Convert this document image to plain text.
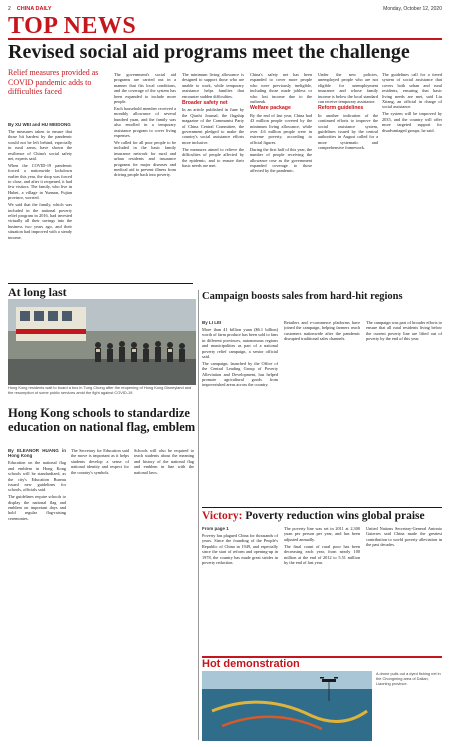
2 CHINA DAILY	Monday, October 12, 2020
TOP NEWS
Revised social aid programs meet the challenge
Relief measures provided as COVID pandemic adds to difficulties faced

By XU WEI and HU MEIDONG

The measures taken to ensure that those hit hardest by the pandemic would not be left behind, especially in rural areas, have shown the resilience of China's social safety net, experts said.

When the COVID-19 pandemic forced a nationwide lockdown earlier this year, the shop was forced to close, and after it reopened, it had few visitors. The family, who live in Hubei, a village in Yunnan, Fujian province, worried.

We said that the family, which was included in the national poverty relief program in 2016, had invested virtually all their savings into the business two years ago, and their situation had improved with a steady income.

The government's social aid programs are carried out in a manner that fits local conditions, and the coverage of the system has been expanded to include more people.

Each household member received a monthly allowance of several hundred yuan, and the family was also enrolled in a temporary assistance program to cover living expenses.

We called for all poor people to be included in the basic family insurance network for rural and urban residents and insurance programs for major diseases and medical aid to prevent illness from driving people back into poverty.

The minimum living allowance is designed to support those who are unable to work, while temporary assistance helps families that encounter sudden difficulties.

Broader safety net

In an article published in June by the Qiushi Journal, the flagship magazine of the Communist Party of China Central Committee, the government pledged to make the country's social assistance efforts more inclusive.

The measures aimed to relieve the difficulties of people affected by the epidemic, and to ensure their basic needs are met.

China's safety net has been expanded to cover more people who were previously ineligible, including those made jobless or who lost income due to the outbreak.

Welfare package

By the end of last year, China had 43 million people covered by the minimum living allowance, while over 4.6 million people were in extreme poverty, according to official figures.

During the first half of this year, the number of people receiving the allowance rose as the government expanded coverage to those affected by the pandemic.

Under the new policies, unemployed people who are not eligible for unemployment insurance and whose family income is below the local standard can receive temporary assistance.

Reform guidelines

In another indication of the continued efforts to improve the social assistance system, guidelines issued by the central authorities in August called for a more systematic and comprehensive framework.

The guidelines call for a tiered system of social assistance that covers both urban and rural residents, ensuring that basic living needs are met, said Liu Xitang, an official in charge of social assistance.

The system will be improved by 2035, and the country will offer more targeted support for disadvantaged groups, he said.

At long last
Hong Kong residents wait to board a bus in Tung Chung after the reopening of Hong Kong Disneyland and the resumption of some public services amid the fight against COVID-19.
Campaign boosts sales from hard-hit regions

By LI LEI

More than 41 billion yuan ($6.1 billion) worth of farm produce has been sold to fans in different provinces, autonomous regions and municipalities as part of a national poverty relief campaign, a senior official said.

The campaign, launched by the Office of the Central Leading Group of Poverty Alleviation and Development, has helped promote agricultural goods from impoverished areas across the country.

Retailers and e-commerce platforms have joined the campaign, helping farmers reach customers nationwide after the pandemic disrupted traditional sales channels.

The campaign was part of broader efforts to ensure that all rural residents living below the current poverty line are lifted out of poverty by the end of this year.

Hong Kong schools to standardize education on national flag, emblem

By ELEANOR HUANG in Hong Kong

Education on the national flag and emblem in Hong Kong schools will be standardized, as the city's Education Bureau issued new guidelines for schools, officials said.

The guidelines require schools to display the national flag and emblem on important days and hold regular flag-raising ceremonies.

The Secretary for Education said the move is important as it helps students develop a sense of national identity and respect for the country's symbols.

Schools will also be required to teach students about the meaning and history of the national flag and emblem in line with the national laws.

Victory: Poverty reduction wins global praise

From page 1

Poverty has plagued China for thousands of years. Since the founding of the People's Republic of China in 1949, and especially since the start of reform and opening-up in 1978, the country has made great strides in poverty reduction.

The poverty line was set in 2011 at 2,300 yuan per person per year, and has been adjusted annually.

The final count of rural poor has been decreasing each year, from nearly 100 million at the end of 2012 to 5.51 million by the end of last year.

United Nations Secretary-General Antonio Guterres said China made the greatest contribution to world poverty alleviation in the past decades.

Hot demonstration
A drone pulls out a dyed fishing net in the Chongming area of Dalian, Liaoning province.
